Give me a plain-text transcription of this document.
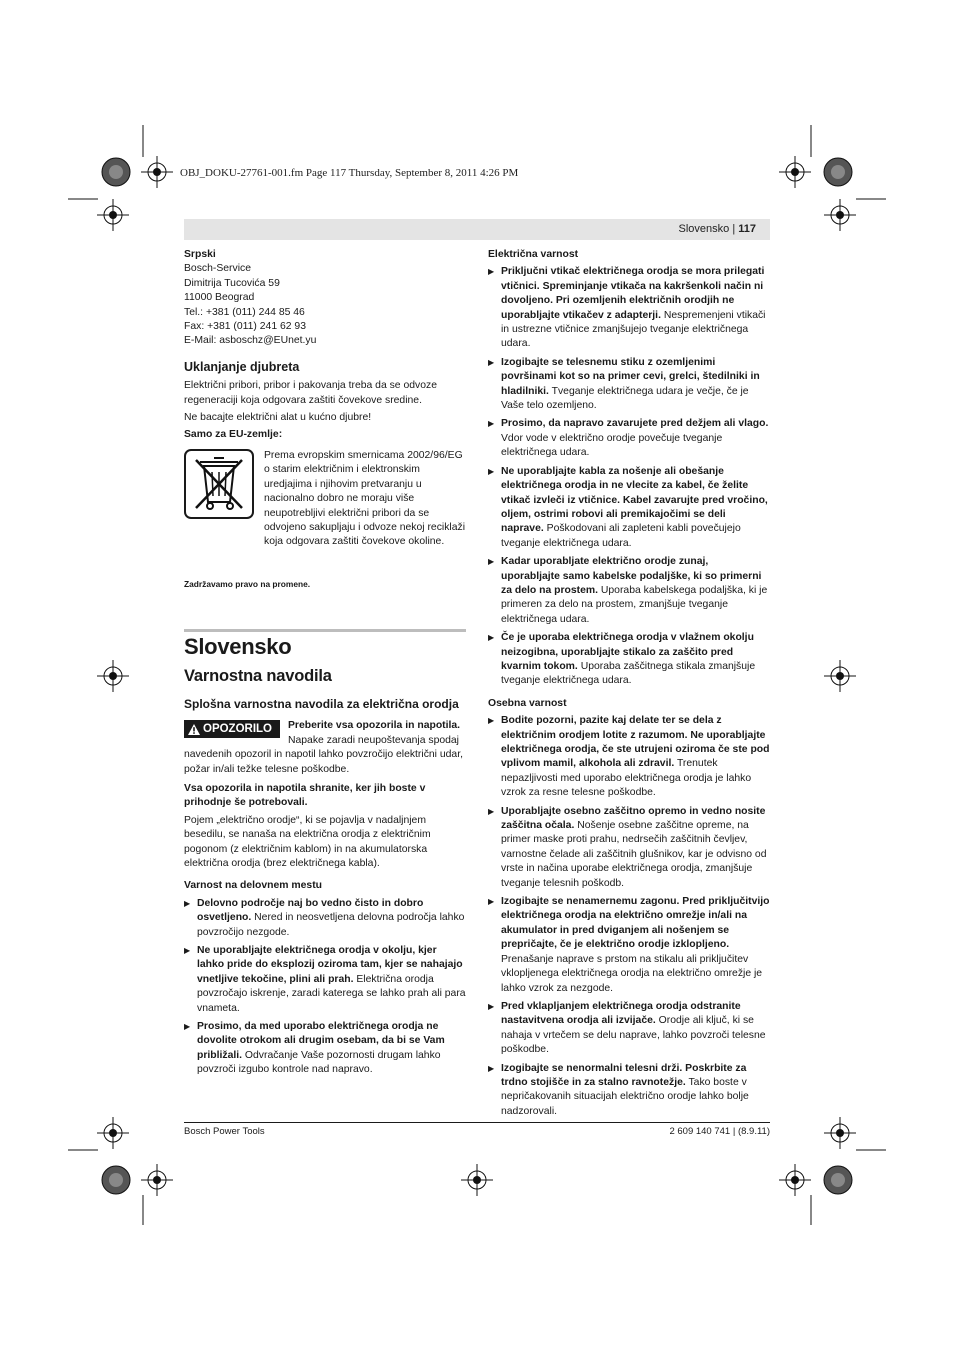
OBJ_DOKU-27761-001.fm Page 117 Thursday, September 8, 2011 4:26 PM
Slovensko | 117

Srpski

Bosch-Service

Dimitrija Tucovića 59

11000 Beograd

Tel.: +381 (011) 244 85 46

Fax: +381 (011) 241 62 93

E-Mail: asboschz@EUnet.yu

Uklanjanje djubreta

Električni pribori, pribor i pakovanja treba da se odvoze regeneraciji koja odgovara zaštiti čovekove sredine.

Ne bacajte električni alat u kućno djubre!

Samo za EU-zemlje:

Prema evropskim smernicama 2002/96/EG o starim električnim i elektronskim uredjajima i njihovim pretvaranju u nacionalno dobro ne moraju više neupotrebljivi električni pribori da se odvojeno sakupljaju i odvoze nekoj reciklaži koja odgovara zaštiti čovekove okoline.

Zadržavamo pravo na promene.

Slovensko
Varnostna navodila
Splošna varnostna navodila za električna orodja
OPOZORILO	Preberite vsa opozorila in napotila. Napake zaradi neupoštevanja spodaj navedenih opozoril in napotil lahko povzročijo električni udar, požar in/ali težke telesne poškodbe.

Vsa opozorila in napotila shranite, ker jih boste v prihodnje še potrebovali.

Pojem „električno orodje“, ki se pojavlja v nadaljnjem besedilu, se nanaša na električna orodja z električnim pogonom (z električnim kablom) in na akumulatorska električna orodja (brez električnega kabla).

Varnost na delovnem mestu

▶ Delovno področje naj bo vedno čisto in dobro osvetljeno. Nered in neosvetljena delovna področja lahko povzročijo nezgode.
▶ Ne uporabljajte električnega orodja v okolju, kjer lahko pride do eksplozij oziroma tam, kjer se nahajajo vnetljive tekočine, plini ali prah. Električna orodja povzročajo iskrenje, zaradi katerega se lahko prah ali para vnameta.
▶ Prosimo, da med uporabo električnega orodja ne dovolite otrokom ali drugim osebam, da bi se Vam približali. Odvračanje Vaše pozornosti drugam lahko povzroči izgubo kontrole nad napravo.

Električna varnost

▶ Priključni vtikač električnega orodja se mora prilegati vtičnici. Spreminjanje vtikača na kakršenkoli način ni dovoljeno. Pri ozemljenih električnih orodjih ne uporabljajte vtikačev z adapterji. Nespremenjeni vtikači in ustrezne vtičnice zmanjšujejo tveganje električnega udara.
▶ Izogibajte se telesnemu stiku z ozemljenimi površinami kot so na primer cevi, grelci, štedilniki in hladilniki. Tveganje električnega udara je večje, če je Vaše telo ozemljeno.
▶ Prosimo, da napravo zavarujete pred dežjem ali vlago. Vdor vode v električno orodje povečuje tveganje električnega udara.
▶ Ne uporabljajte kabla za nošenje ali obešanje električnega orodja in ne vlecite za kabel, če želite vtikač izvleči iz vtičnice. Kabel zavarujte pred vročino, oljem, ostrimi robovi ali premikajočimi se deli naprave. Poškodovani ali zapleteni kabli povečujejo tveganje električnega udara.
▶ Kadar uporabljate električno orodje zunaj, uporabljajte samo kabelske podaljške, ki so primerni za delo na prostem. Uporaba kabelskega podaljška, ki je primeren za delo na prostem, zmanjšuje tveganje električnega udara.
▶ Če je uporaba električnega orodja v vlažnem okolju neizogibna, uporabljajte stikalo za zaščito pred kvarnim tokom. Uporaba zaščitnega stikala zmanjšuje tveganje električnega udara.

Osebna varnost

▶ Bodite pozorni, pazite kaj delate ter se dela z električnim orodjem lotite z razumom. Ne uporabljajte električnega orodja, če ste utrujeni oziroma če ste pod vplivom mamil, alkohola ali zdravil. Trenutek nepazljivosti med uporabo električnega orodja je lahko vzrok za resne telesne poškodbe.
▶ Uporabljajte osebno zaščitno opremo in vedno nosite zaščitna očala. Nošenje osebne zaščitne opreme, na primer maske proti prahu, nedrsečih zaščitnih čevljev, varnostne čelade ali zaščitnih glušnikov, kar je odvisno od vrste in načina uporabe električnega orodja, zmanjšuje tveganje telesnih poškodb.
▶ Izogibajte se nenamernemu zagonu. Pred priključitvijo električnega orodja na električno omrežje in/ali na akumulator in pred dviganjem ali nošenjem se prepričajte, če je električno orodje izklopljeno. Prenašanje naprave s prstom na stikalu ali priključitev vklopljenega električnega orodja na električno omrežje je lahko vzrok za nezgode.
▶ Pred vklapljanjem električnega orodja odstranite nastavitvena orodja ali izvijače. Orodje ali ključ, ki se nahaja v vrtečem se delu naprave, lahko povzroči telesne poškodbe.
▶ Izogibajte se nenormalni telesni drži. Poskrbite za trdno stojišče in za stalno ravnotežje. Tako boste v nepričakovanih situacijah električno orodje lahko bolje nadzorovali.
Bosch Power Tools	2 609 140 741 | (8.9.11)
